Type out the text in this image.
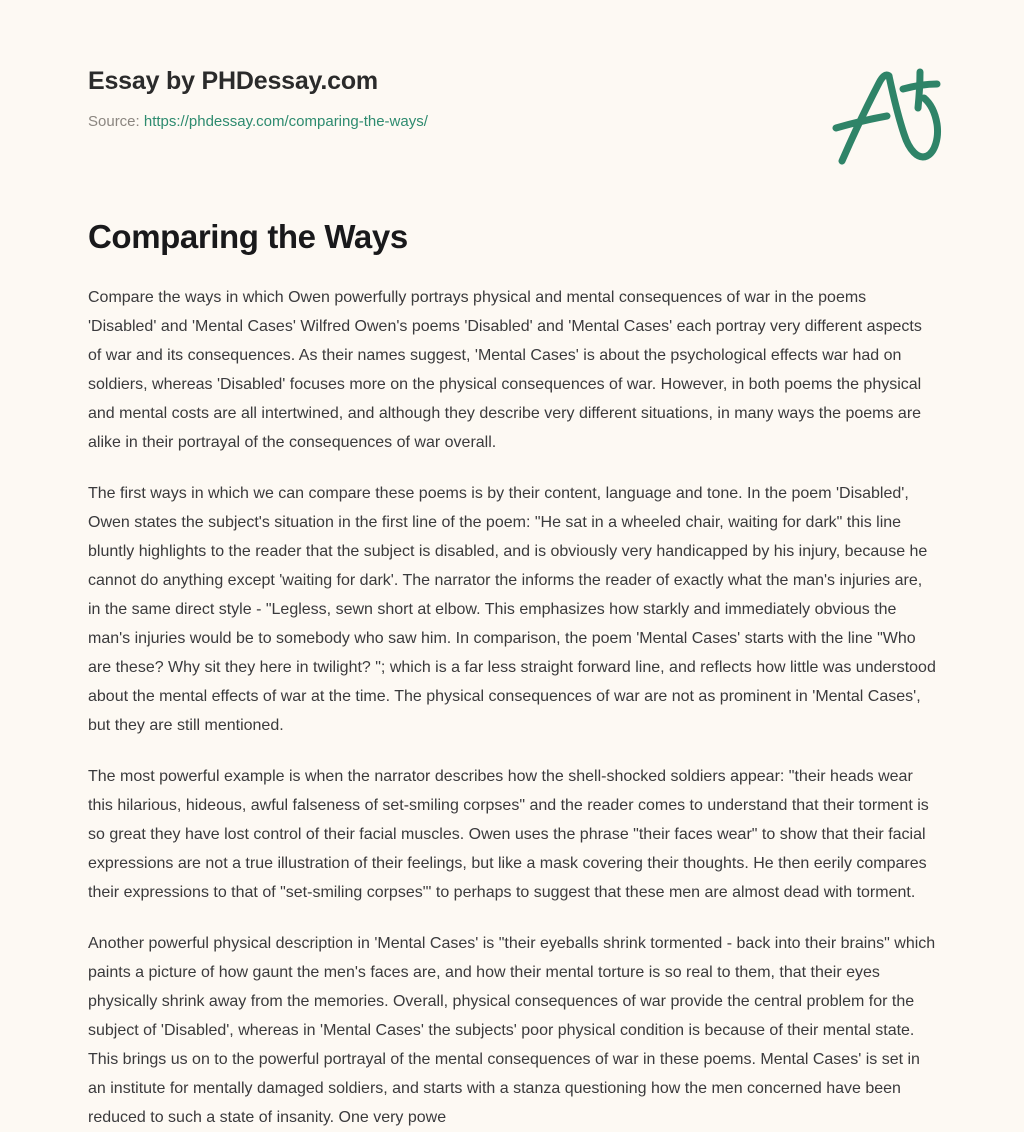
Essay by PHDessay.com
Source: https://phdessay.com/comparing-the-ways/
Comparing the Ways

Compare the ways in which Owen powerfully portrays physical and mental consequences of war in the poems 'Disabled' and 'Mental Cases' Wilfred Owen's poems 'Disabled' and 'Mental Cases' each portray very different aspects of war and its consequences. As their names suggest, 'Mental Cases' is about the psychological effects war had on soldiers, whereas 'Disabled' focuses more on the physical consequences of war. However, in both poems the physical and mental costs are all intertwined, and although they describe very different situations, in many ways the poems are alike in their portrayal of the consequences of war overall.

The first ways in which we can compare these poems is by their content, language and tone. In the poem 'Disabled', Owen states the subject's situation in the first line of the poem: "He sat in a wheeled chair, waiting for dark" this line bluntly highlights to the reader that the subject is disabled, and is obviously very handicapped by his injury, because he cannot do anything except 'waiting for dark'. The narrator the informs the reader of exactly what the man's injuries are, in the same direct style - "Legless, sewn short at elbow. This emphasizes how starkly and immediately obvious the man's injuries would be to somebody who saw him. In comparison, the poem 'Mental Cases' starts with the line "Who are these? Why sit they here in twilight? "; which is a far less straight forward line, and reflects how little was understood about the mental effects of war at the time. The physical consequences of war are not as prominent in 'Mental Cases', but they are still mentioned.

The most powerful example is when the narrator describes how the shell-shocked soldiers appear: "their heads wear this hilarious, hideous, awful falseness of set-smiling corpses" and the reader comes to understand that their torment is so great they have lost control of their facial muscles. Owen uses the phrase "their faces wear" to show that their facial expressions are not a true illustration of their feelings, but like a mask covering their thoughts. He then eerily compares their expressions to that of "set-smiling corpses"' to perhaps to suggest that these men are almost dead with torment.

Another powerful physical description in 'Mental Cases' is "their eyeballs shrink tormented - back into their brains" which paints a picture of how gaunt the men's faces are, and how their mental torture is so real to them, that their eyes physically shrink away from the memories. Overall, physical consequences of war provide the central problem for the subject of 'Disabled', whereas in 'Mental Cases' the subjects' poor physical condition is because of their mental state. This brings us on to the powerful portrayal of the mental consequences of war in these poems. Mental Cases' is set in an institute for mentally damaged soldiers, and starts with a stanza questioning how the men concerned have been reduced to such a state of insanity. One very powe
